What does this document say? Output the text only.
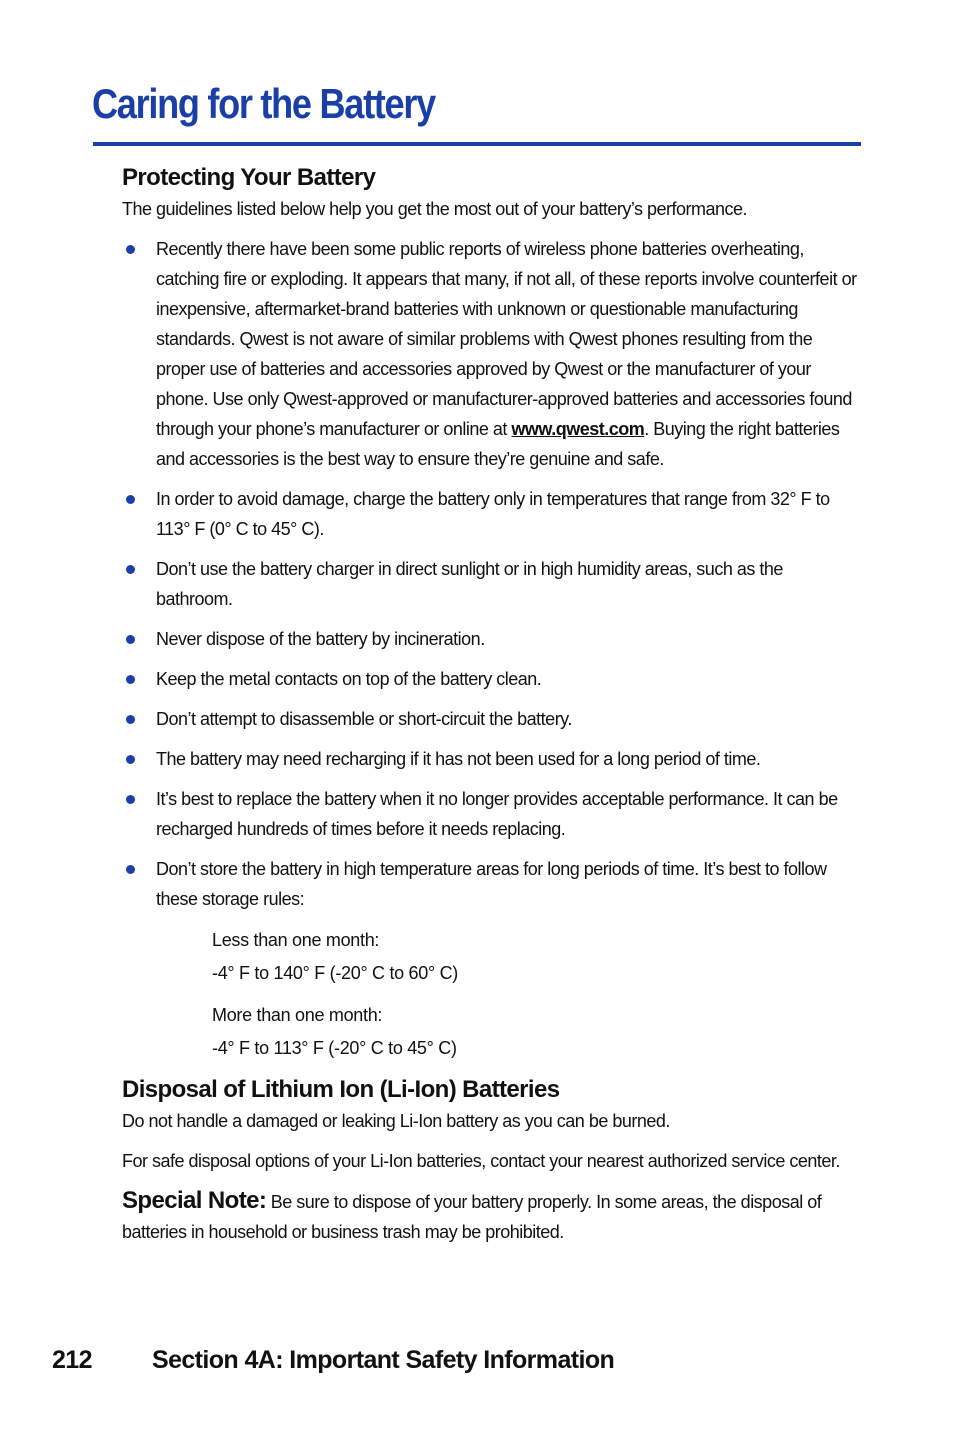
Caring for the Battery
Protecting Your Battery

The guidelines listed below help you get the most out of your battery’s performance.

Recently there have been some public reports of wireless phone batteries overheating, catching fire or exploding. It appears that many, if not all, of these reports involve counterfeit or inexpensive, aftermarket-brand batteries with unknown or questionable manufacturing standards. Qwest is not aware of similar problems with Qwest phones resulting from the proper use of batteries and accessories approved by Qwest or the manufacturer of your phone. Use only Qwest-approved or manufacturer-approved batteries and accessories found through your phone’s manufacturer or online at www.qwest.com. Buying the right batteries and accessories is the best way to ensure they’re genuine and safe.
In order to avoid damage, charge the battery only in temperatures that range from 32° F to 113° F (0° C to 45° C).
Don’t use the battery charger in direct sunlight or in high humidity areas, such as the bathroom.
Never dispose of the battery by incineration.
Keep the metal contacts on top of the battery clean.
Don’t attempt to disassemble or short-circuit the battery.
The battery may need recharging if it has not been used for a long period of time.
It’s best to replace the battery when it no longer provides acceptable performance. It can be recharged hundreds of times before it needs replacing.
Don’t store the battery in high temperature areas for long periods of time. It’s best to follow these storage rules:

Less than one month:

-4° F to 140° F (-20° C to 60° C)

More than one month:

-4° F to 113° F (-20° C to 45° C)

Disposal of Lithium Ion (Li-Ion) Batteries

Do not handle a damaged or leaking Li-Ion battery as you can be burned.

For safe disposal options of your Li-Ion batteries, contact your nearest authorized service center.

Special Note: Be sure to dispose of your battery properly. In some areas, the disposal of batteries in household or business trash may be prohibited.

212 Section 4A: Important Safety Information
